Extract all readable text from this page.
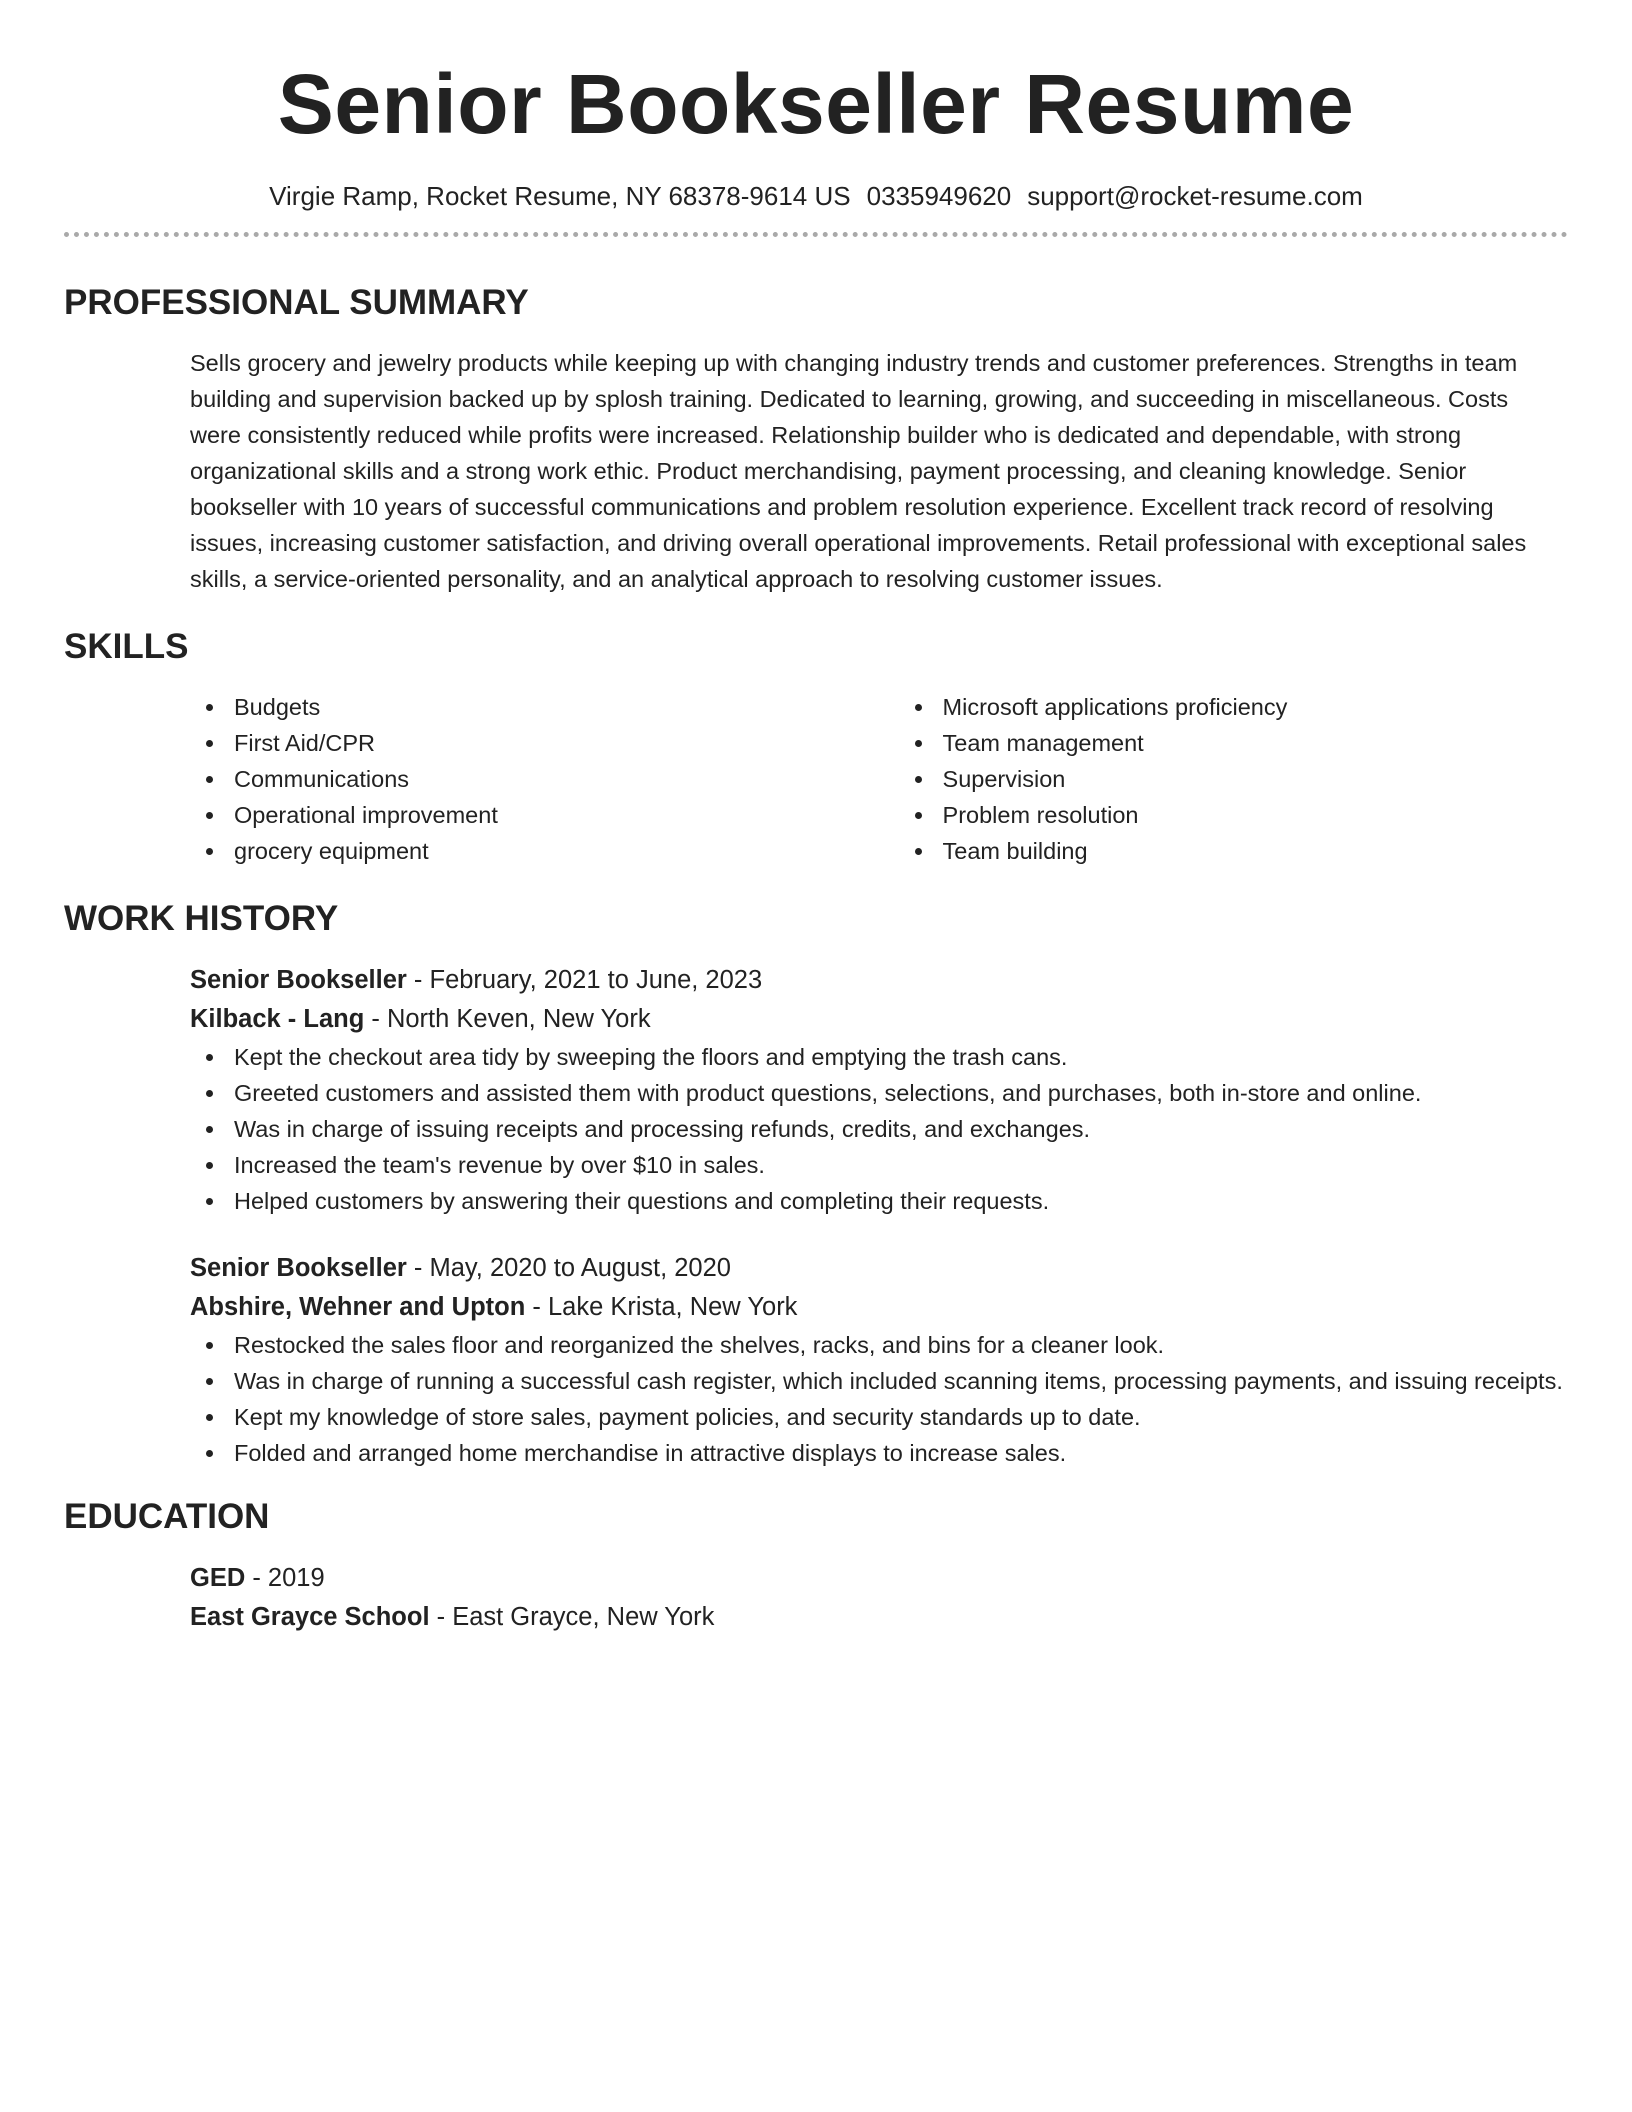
Senior Bookseller Resume
Virgie Ramp, Rocket Resume, NY 68378-9614 US 0335949620 support@rocket-resume.com
PROFESSIONAL SUMMARY
Sells grocery and jewelry products while keeping up with changing industry trends and customer preferences. Strengths in team building and supervision backed up by splosh training. Dedicated to learning, growing, and succeeding in miscellaneous. Costs were consistently reduced while profits were increased. Relationship builder who is dedicated and dependable, with strong organizational skills and a strong work ethic. Product merchandising, payment processing, and cleaning knowledge. Senior bookseller with 10 years of successful communications and problem resolution experience. Excellent track record of resolving issues, increasing customer satisfaction, and driving overall operational improvements. Retail professional with exceptional sales skills, a service-oriented personality, and an analytical approach to resolving customer issues.
SKILLS
Budgets
First Aid/CPR
Communications
Operational improvement
grocery equipment
Microsoft applications proficiency
Team management
Supervision
Problem resolution
Team building
WORK HISTORY
Senior Bookseller - February, 2021 to June, 2023
Kilback - Lang - North Keven, New York
Kept the checkout area tidy by sweeping the floors and emptying the trash cans.
Greeted customers and assisted them with product questions, selections, and purchases, both in-store and online.
Was in charge of issuing receipts and processing refunds, credits, and exchanges.
Increased the team's revenue by over $10 in sales.
Helped customers by answering their questions and completing their requests.
Senior Bookseller - May, 2020 to August, 2020
Abshire, Wehner and Upton - Lake Krista, New York
Restocked the sales floor and reorganized the shelves, racks, and bins for a cleaner look.
Was in charge of running a successful cash register, which included scanning items, processing payments, and issuing receipts.
Kept my knowledge of store sales, payment policies, and security standards up to date.
Folded and arranged home merchandise in attractive displays to increase sales.
EDUCATION
GED - 2019
East Grayce School - East Grayce, New York
